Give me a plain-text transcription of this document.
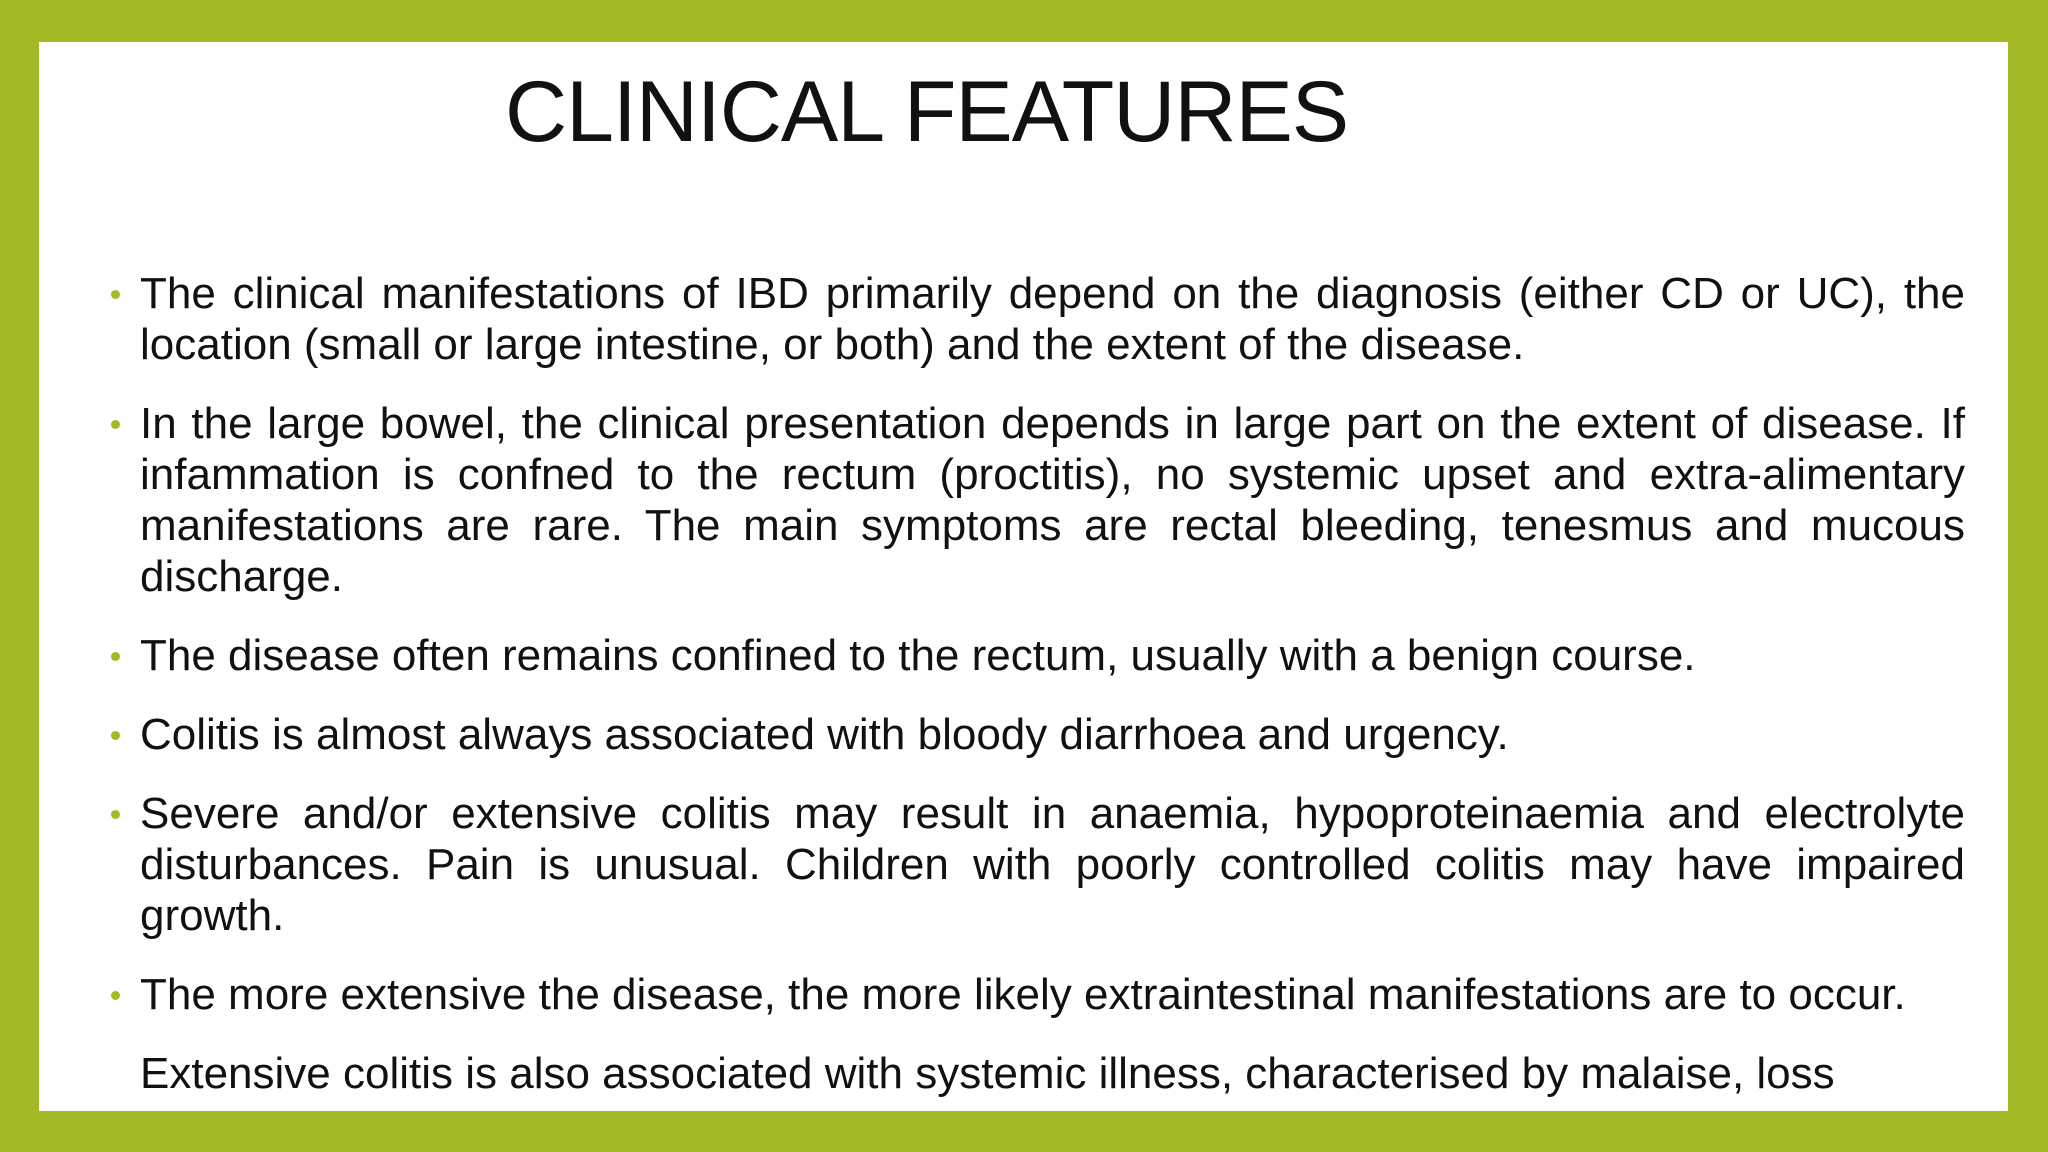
CLINICAL FEATURES
The clinical manifestations of IBD primarily depend on the diagnosis (either CD or UC), the location (small or large intestine, or both) and the extent of the disease.
In the large bowel, the clinical presentation depends in large part on the extent of disease. If infammation is confned to the rectum (proctitis), no systemic upset and extra-alimentary manifestations are rare. The main symptoms are rectal bleeding, tenesmus and mucous discharge.
The disease often remains confined to the rectum, usually with a benign course.
Colitis is almost always associated with bloody diarrhoea and urgency.
Severe and/or extensive colitis may result in anaemia, hypoproteinaemia and electrolyte disturbances. Pain is unusual. Children with poorly controlled colitis may have impaired growth.
The more extensive the disease, the more likely extraintestinal manifestations are to occur.
Extensive colitis is also associated with systemic illness, characterised by malaise, loss
